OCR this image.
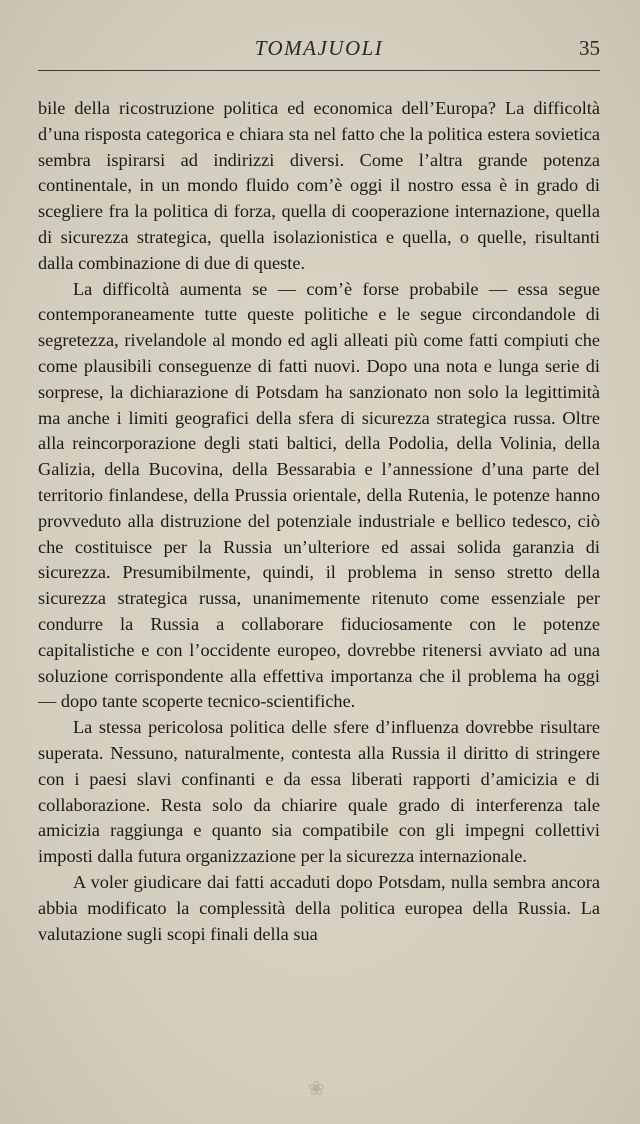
TOMAJUOLI	35

bile della ricostruzione politica ed economica dell’Europa? La difficoltà d’una risposta categorica e chiara sta nel fatto che la politica estera sovietica sembra ispirarsi ad indirizzi diversi. Come l’altra grande potenza continentale, in un mondo fluido com’è oggi il nostro essa è in grado di scegliere fra la politica di forza, quella di cooperazione internazione, quella di sicurezza strategica, quella isolazionistica e quella, o quelle, risultanti dalla combinazione di due di queste.

La difficoltà aumenta se — com’è forse probabile — essa segue contemporaneamente tutte queste politiche e le segue circondandole di segretezza, rivelandole al mondo ed agli alleati più come fatti compiuti che come plausibili conseguenze di fatti nuovi. Dopo una nota e lunga serie di sorprese, la dichiarazione di Potsdam ha sanzionato non solo la legittimità ma anche i limiti geografici della sfera di sicurezza strategica russa. Oltre alla reincorporazione degli stati baltici, della Podolia, della Volinia, della Galizia, della Bucovina, della Bessarabia e l’annessione d’una parte del territorio finlandese, della Prussia orientale, della Rutenia, le potenze hanno provveduto alla distruzione del potenziale industriale e bellico tedesco, ciò che costituisce per la Russia un’ulteriore ed assai solida garanzia di sicurezza. Presumibilmente, quindi, il problema in senso stretto della sicurezza strategica russa, unanimemente ritenuto come essenziale per condurre la Russia a collaborare fiduciosamente con le potenze capitalistiche e con l’occidente europeo, dovrebbe ritenersi avviato ad una soluzione corrispondente alla effettiva importanza che il problema ha oggi — dopo tante scoperte tecnico-scientifiche.

La stessa pericolosa politica delle sfere d’influenza dovrebbe risultare superata. Nessuno, naturalmente, contesta alla Russia il diritto di stringere con i paesi slavi confinanti e da essa liberati rapporti d’amicizia e di collaborazione. Resta solo da chiarire quale grado di interferenza tale amicizia raggiunga e quanto sia compatibile con gli impegni collettivi imposti dalla futura organizzazione per la sicurezza internazionale.

A voler giudicare dai fatti accaduti dopo Potsdam, nulla sembra ancora abbia modificato la complessità della politica europea della Russia. La valutazione sugli scopi finali della sua

❀
